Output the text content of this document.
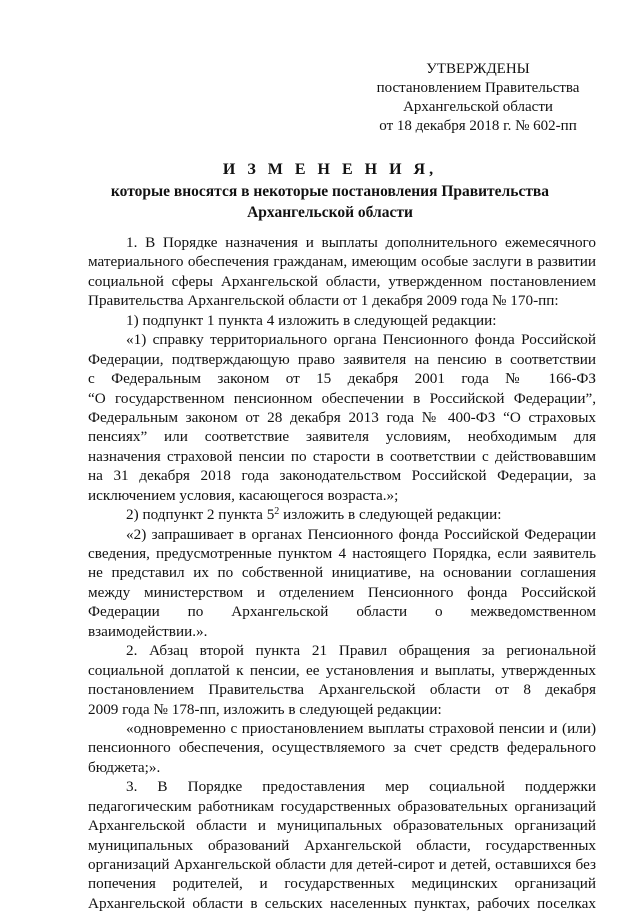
УТВЕРЖДЕНЫ
постановлением Правительства
Архангельской области
от 18 декабря 2018 г. № 602-пп
И З М Е Н Е Н И Я,
которые вносятся в некоторые постановления Правительства
Архангельской области
1. В Порядке назначения и выплаты дополнительного ежемесячного
материального обеспечения гражданам, имеющим особые заслуги в развитии
социальной сферы Архангельской области, утвержденном постановлением
Правительства Архангельской области от 1 декабря 2009 года № 170-пп:
1) подпункт 1 пункта 4 изложить в следующей редакции:
«1) справку территориального органа Пенсионного фонда Российской
Федерации, подтверждающую право заявителя на пенсию в соответствии
с Федеральным законом от 15 декабря 2001 года № 166-ФЗ
“О государственном пенсионном обеспечении в Российской Федерации”,
Федеральным законом от 28 декабря 2013 года № 400-ФЗ “О страховых
пенсиях” или соответствие заявителя условиям, необходимым для
назначения страховой пенсии по старости в соответствии с действовавшим
на 31 декабря 2018 года законодательством Российской Федерации, за
исключением условия, касающегося возраста.»;
2) подпункт 2 пункта $5^2$ изложить в следующей редакции:
«2) запрашивает в органах Пенсионного фонда Российской Федерации
сведения, предусмотренные пунктом 4 настоящего Порядка, если заявитель
не представил их по собственной инициативе, на основании соглашения
между министерством и отделением Пенсионного фонда Российской
Федерации по Архангельской области о межведомственном
взаимодействии.».
2. Абзац второй пункта 21 Правил обращения за региональной
социальной доплатой к пенсии, ее установления и выплаты, утвержденных
постановлением Правительства Архангельской области от 8 декабря
2009 года № 178-пп, изложить в следующей редакции:
«одновременно с приостановлением выплаты страховой пенсии и (или)
пенсионного обеспечения, осуществляемого за счет средств федерального
бюджета;».
3. В Порядке предоставления мер социальной поддержки
педагогическим работникам государственных образовательных организаций
Архангельской области и муниципальных образовательных организаций
муниципальных образований Архангельской области, государственных
организаций Архангельской области для детей-сирот и детей, оставшихся без
попечения родителей, и государственных медицинских организаций
Архангельской области в сельских населенных пунктах, рабочих поселках
